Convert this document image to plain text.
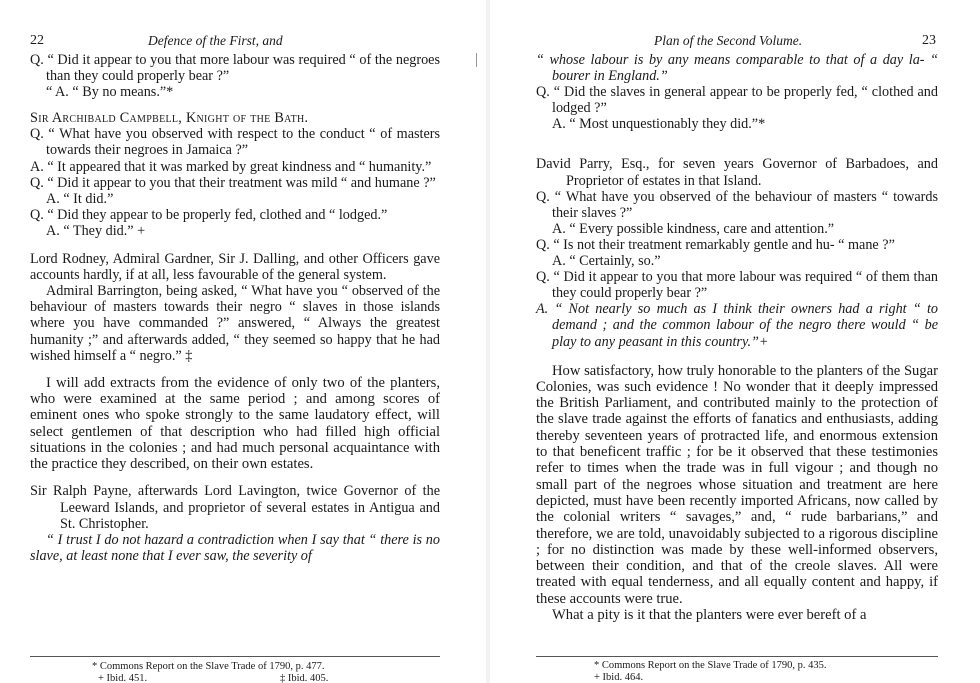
22	Defence of the First, and

Q. “ Did it appear to you that more labour was required “ of the negroes than they could properly bear ?”

“ A. “ By no means.”*

Sir Archibald Campbell, Knight of the Bath.

Q. “ What have you observed with respect to the conduct “ of masters towards their negroes in Jamaica ?”

A. “ It appeared that it was marked by great kindness and “ humanity.”

Q. “ Did it appear to you that their treatment was mild “ and humane ?”

A. “ It did.”

Q. “ Did they appear to be properly fed, clothed and “ lodged.”

A. “ They did.” +

Lord Rodney, Admiral Gardner, Sir J. Dalling, and other Officers gave accounts hardly, if at all, less favourable of the general system.

Admiral Barrington, being asked, “ What have you “ observed of the behaviour of masters towards their negro “ slaves in those islands where you have commanded ?” answered, “ Always the greatest humanity ;” and afterwards added, “ they seemed so happy that he had wished himself a “ negro.” ‡

I will add extracts from the evidence of only two of the planters, who were examined at the same period ; and among scores of eminent ones who spoke strongly to the same laudatory effect, will select gentlemen of that description who had filled high official situations in the colonies ; and had much personal acquaintance with the practice they described, on their own estates.

Sir Ralph Payne, afterwards Lord Lavington, twice Governor of the Leeward Islands, and proprietor of several estates in Antigua and St. Christopher.

“ I trust I do not hazard a contradiction when I say that “ there is no slave, at least none that I ever saw, the severity of

* Commons Report on the Slave Trade of 1790, p. 477.
+ Ibid. 451.	‡ Ibid. 405.
Plan of the Second Volume.	23

“ whose labour is by any means comparable to that of a day la- “ bourer in England.”

Q. “ Did the slaves in general appear to be properly fed, “ clothed and lodged ?”

A. “ Most unquestionably they did.”*

David Parry, Esq., for seven years Governor of Barbadoes, and Proprietor of estates in that Island.

Q. “ What have you observed of the behaviour of masters “ towards their slaves ?”

A. “ Every possible kindness, care and attention.”

Q. “ Is not their treatment remarkably gentle and hu- “ mane ?”

A. “ Certainly, so.”

Q. “ Did it appear to you that more labour was required “ of them than they could properly bear ?”

A. “ Not nearly so much as I think their owners had a right “ to demand ; and the common labour of the negro there would “ be play to any peasant in this country.”+

How satisfactory, how truly honorable to the planters of the Sugar Colonies, was such evidence ! No wonder that it deeply impressed the British Parliament, and contributed mainly to the protection of the slave trade against the efforts of fanatics and enthusiasts, adding thereby seventeen years of protracted life, and enormous extension to that beneficent traffic ; for be it observed that these testimonies refer to times when the trade was in full vigour ; and though no small part of the negroes whose situation and treatment are here depicted, must have been recently imported Africans, now called by the colonial writers “ savages,” and, “ rude barbarians,” and therefore, we are told, unavoidably subjected to a rigorous discipline ; for no distinction was made by these well-informed observers, between their condition, and that of the creole slaves. All were treated with equal tenderness, and all equally content and happy, if these accounts were true.

What a pity is it that the planters were ever bereft of a

* Commons Report on the Slave Trade of 1790, p. 435.
+ Ibid. 464.
